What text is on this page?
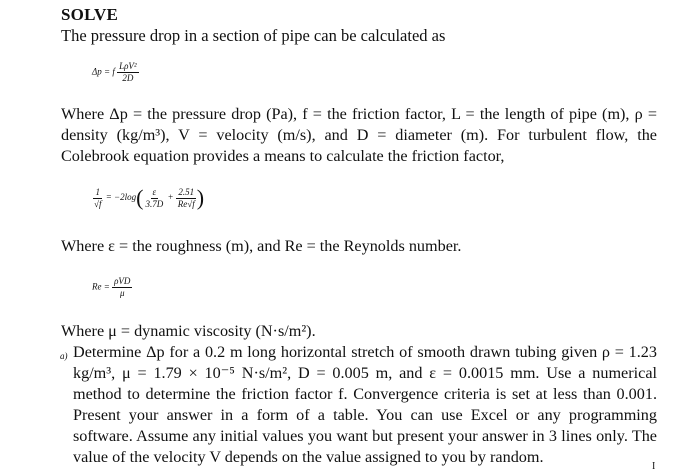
SOLVE
The pressure drop in a section of pipe can be calculated as
Δp = f $\frac{\text{LρV²}}{2D}$
Where Δp = the pressure drop (Pa), f = the friction factor, L = the length of pipe (m), ρ = density (kg/m³), V = velocity (m/s), and D = diameter (m). For turbulent flow, the Colebrook equation provides a means to calculate the friction factor,
$\frac{1}{√f} = -2\log( \frac{\varepsilon}{3.7D} + \frac{2.51}{Re√f}$ )
Where ε = the roughness (m), and Re = the Reynolds number.
$Re = \frac{\text{ρVD}}{\mu}$
Where μ = dynamic viscosity (N·s/m²).
a) Determine Δp for a 0.2 m long horizontal stretch of smooth drawn tubing given ρ = 1.23 kg/m³, μ = 1.79 × 10⁻⁵ N·s/m², D = 0.005 m, and ε = 0.0015 mm. Use a numerical method to determine the friction factor f. Convergence criteria is set at less than 0.001. Present your answer in a form of a table. You can use Excel or any programming software. Assume any initial values you want but present your answer in 3 lines only. The value of the velocity V depends on the value assigned to you by random.
I
